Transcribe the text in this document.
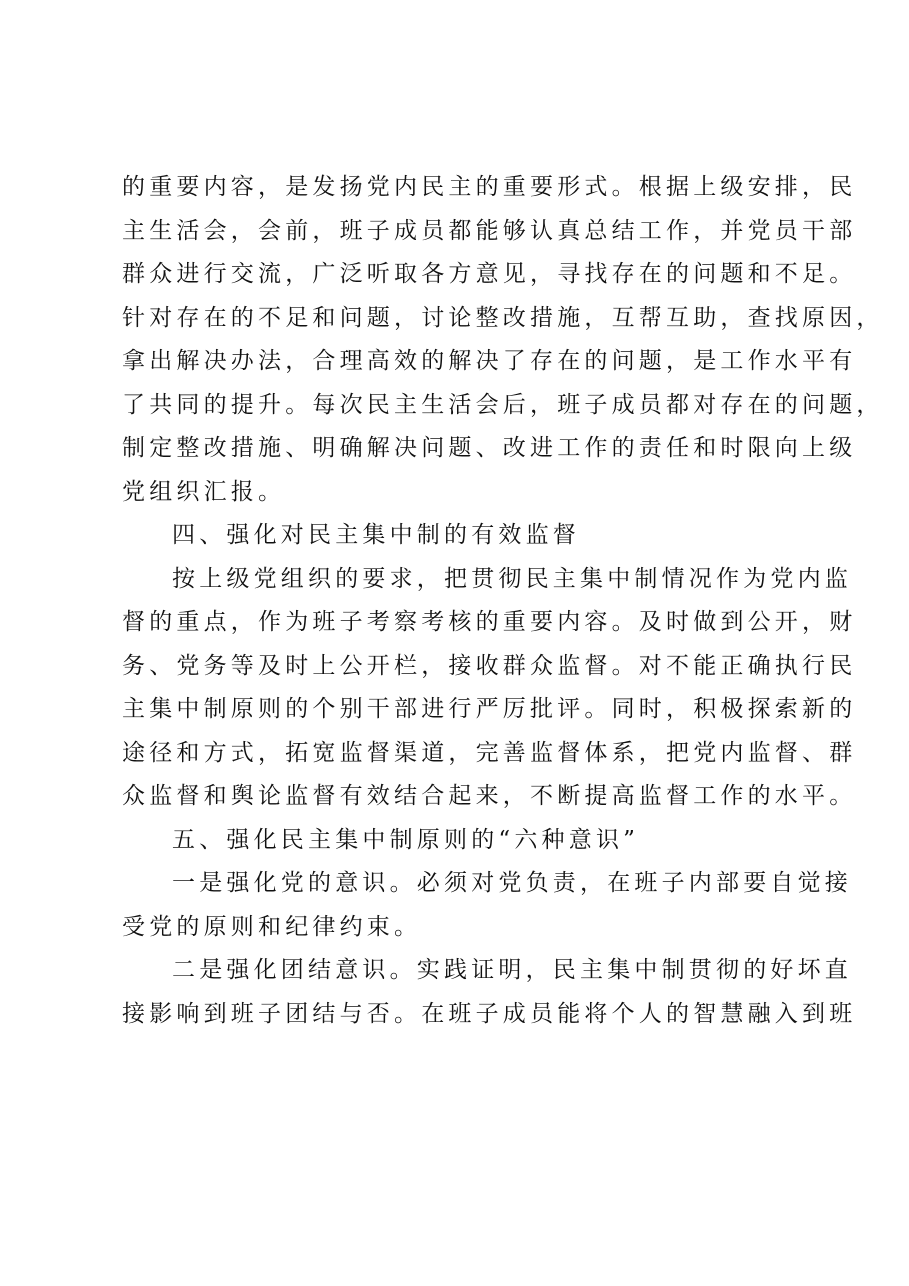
的重要内容，是发扬党内民主的重要形式。根据上级安排，民
主生活会，会前，班子成员都能够认真总结工作，并党员干部
群众进行交流，广泛听取各方意见，寻找存在的问题和不足。
针对存在的不足和问题，讨论整改措施，互帮互助，查找原因，
拿出解决办法，合理高效的解决了存在的问题，是工作水平有
了共同的提升。每次民主生活会后，班子成员都对存在的问题，
制定整改措施、明确解决问题、改进工作的责任和时限向上级
党组织汇报。
四、强化对民主集中制的有效监督
按上级党组织的要求，把贯彻民主集中制情况作为党内监
督的重点，作为班子考察考核的重要内容。及时做到公开，财
务、党务等及时上公开栏，接收群众监督。对不能正确执行民
主集中制原则的个别干部进行严厉批评。同时，积极探索新的
途径和方式，拓宽监督渠道，完善监督体系，把党内监督、群
众监督和舆论监督有效结合起来，不断提高监督工作的水平。
五、强化民主集中制原则的“六种意识”
一是强化党的意识。必须对党负责，在班子内部要自觉接
受党的原则和纪律约束。
二是强化团结意识。实践证明，民主集中制贯彻的好坏直
接影响到班子团结与否。在班子成员能将个人的智慧融入到班
